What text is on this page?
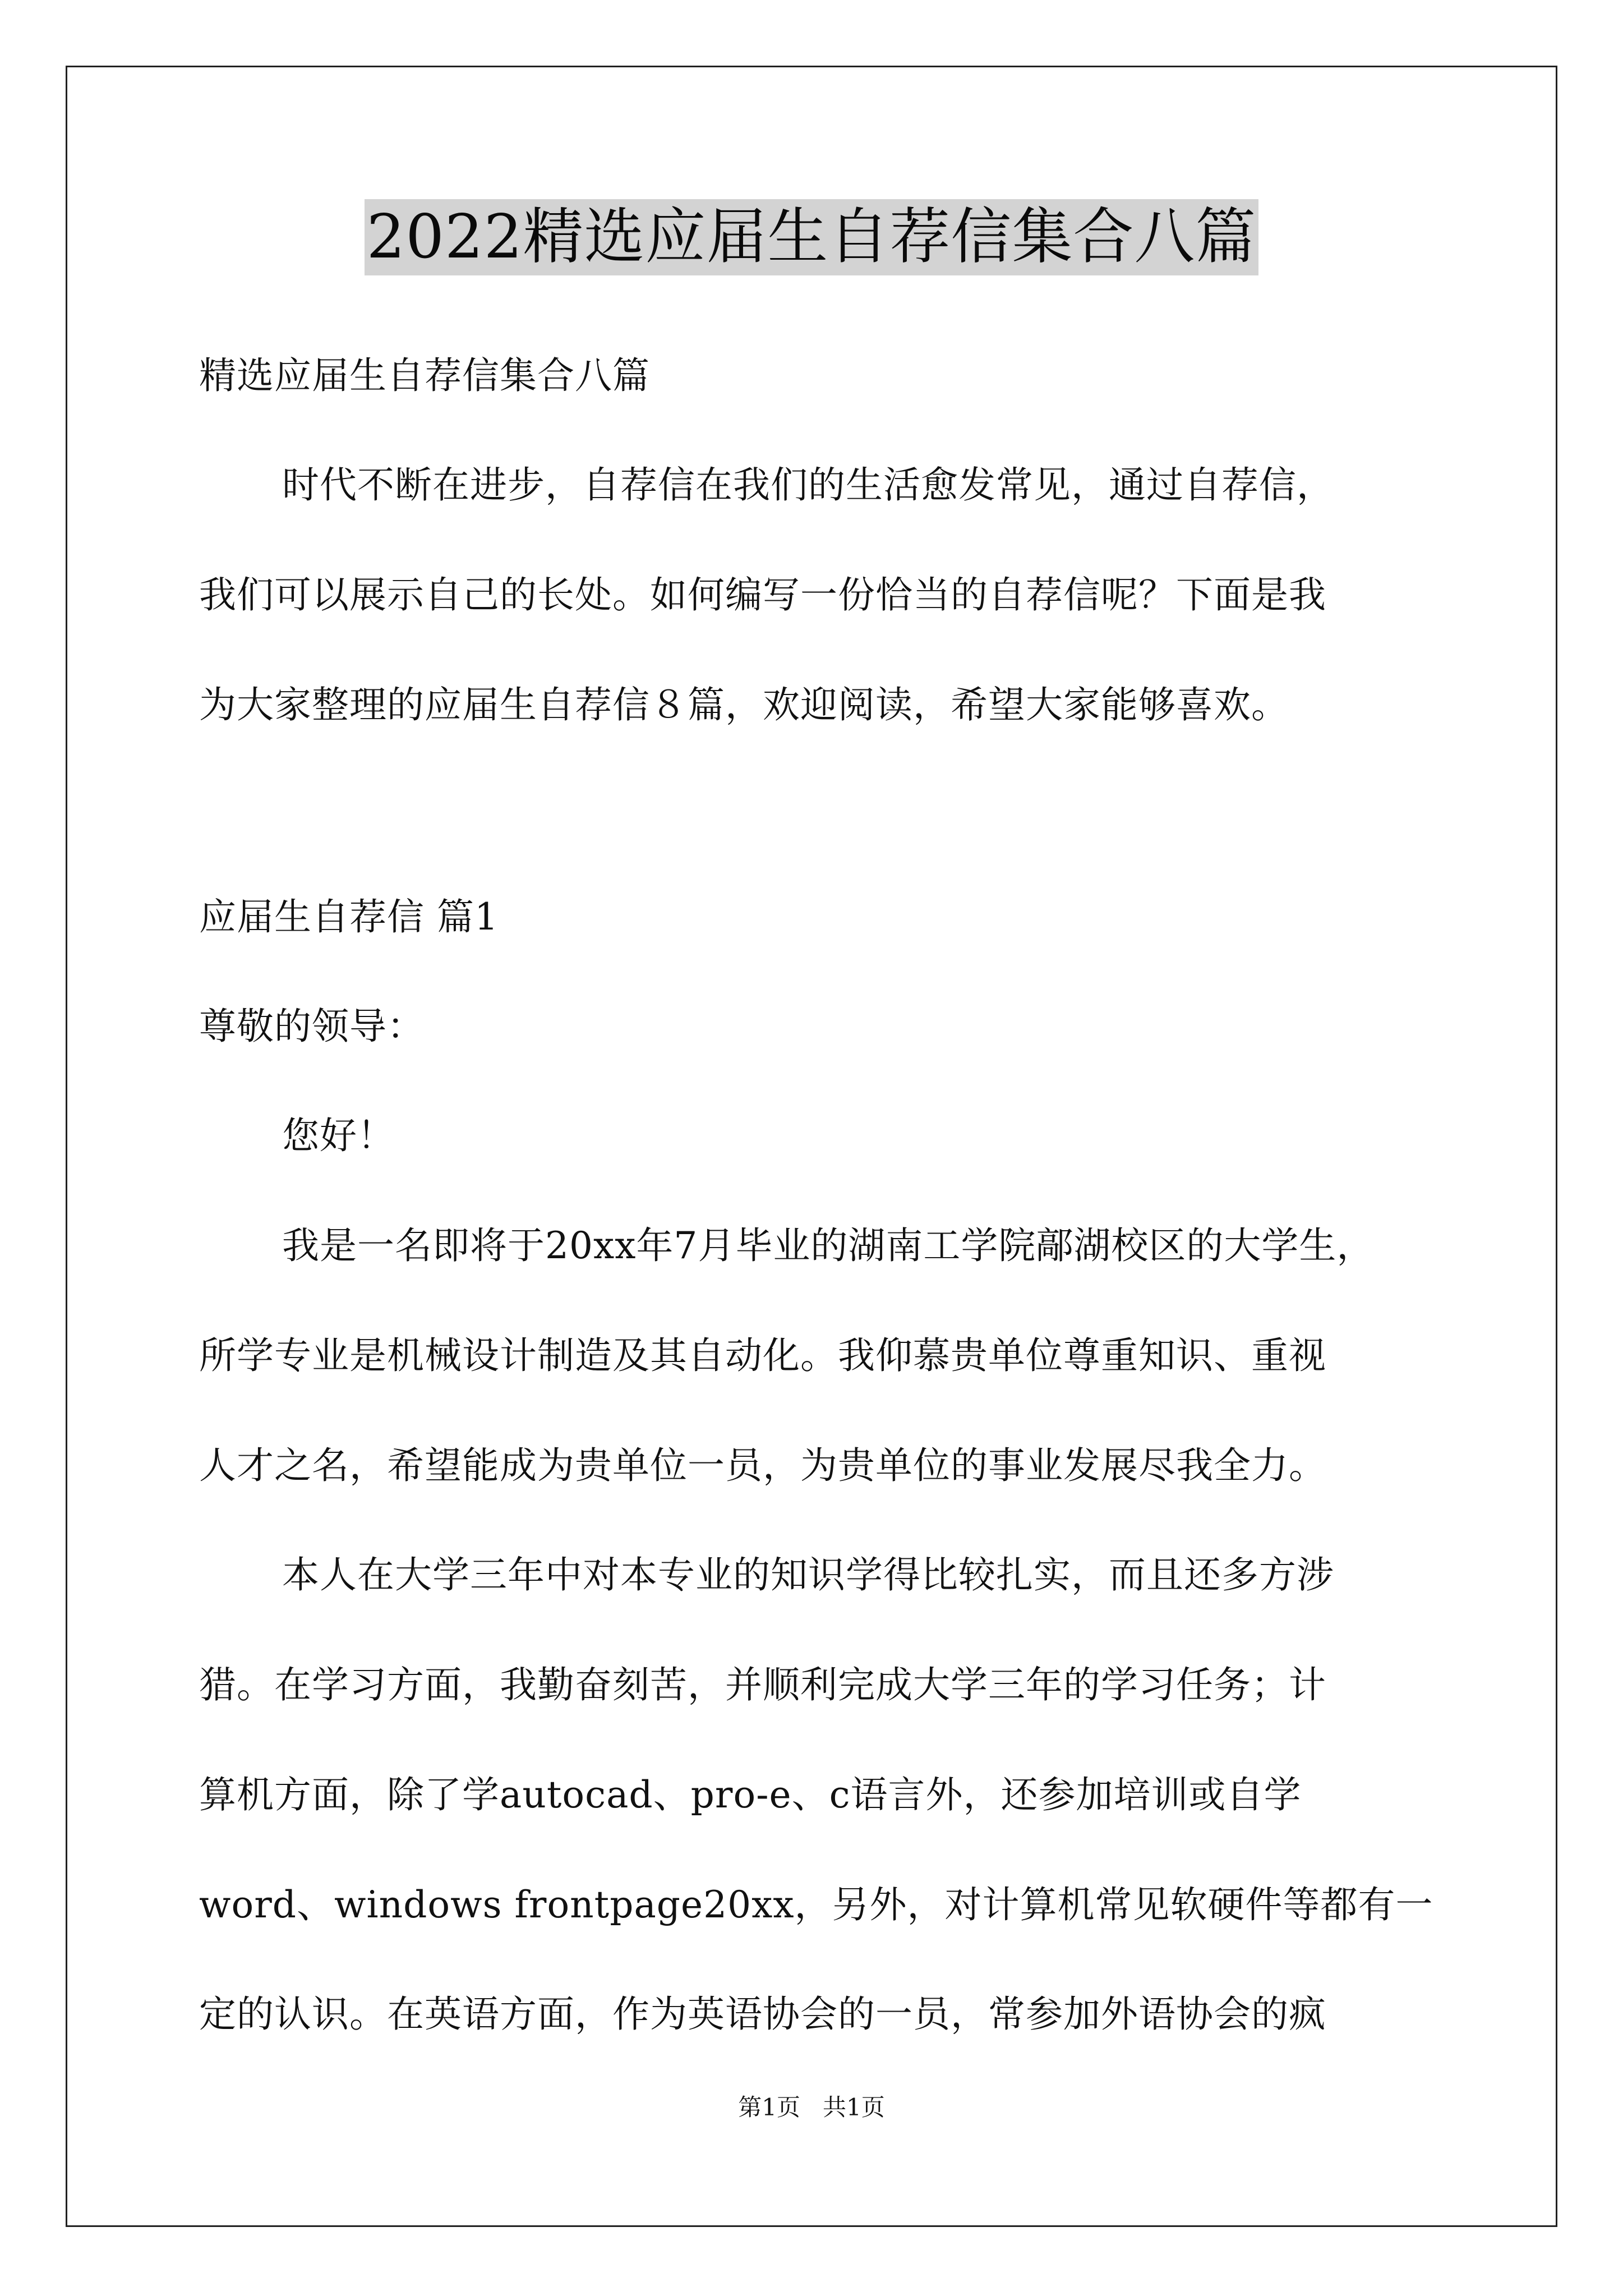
2022精选应届生自荐信集合八篇
精选应届生自荐信集合八篇
时代不断在进步，自荐信在我们的生活愈发常见，通过自荐信，
我们可以展示自己的长处。如何编写一份恰当的自荐信呢？下面是我
为大家整理的应届生自荐信８篇，欢迎阅读，希望大家能够喜欢。
应届生自荐信 篇1
尊敬的领导：
您好！
我是一名即将于20xx年7月毕业的湖南工学院鄗湖校区的大学生，
所学专业是机械设计制造及其自动化。我仰慕贵单位尊重知识、重视
人才之名，希望能成为贵单位一员，为贵单位的事业发展尽我全力。
本人在大学三年中对本专业的知识学得比较扎实，而且还多方涉
猎。在学习方面，我勤奋刻苦，并顺利完成大学三年的学习任务；计
算机方面，除了学autocad、pro-e、c语言外，还参加培训或自学
word、windows frontpage20xx，另外，对计算机常见软硬件等都有一
定的认识。在英语方面，作为英语协会的一员，常参加外语协会的疯
第1页   共1页
